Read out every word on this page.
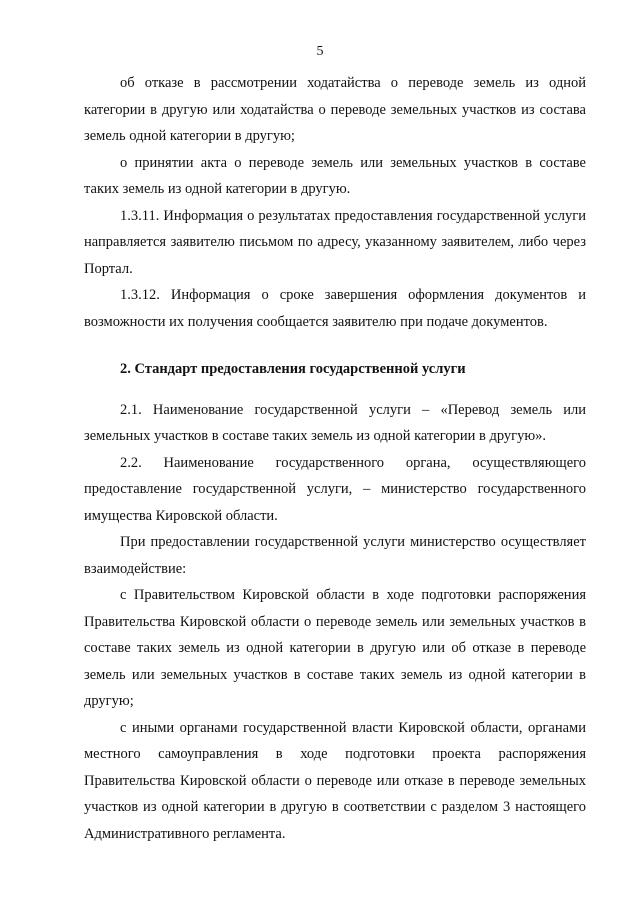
5

об отказе в рассмотрении ходатайства о переводе земель из одной категории в другую или ходатайства о переводе земельных участков из состава земель одной категории в другую;

о принятии акта о переводе земель или земельных участков в составе таких земель из одной категории в другую.

1.3.11. Информация о результатах предоставления государственной услуги направляется заявителю письмом по адресу, указанному заявителем, либо через Портал.

1.3.12. Информация о сроке завершения оформления документов и возможности их получения сообщается заявителю при подаче документов.

2. Стандарт предоставления государственной услуги

2.1. Наименование государственной услуги – «Перевод земель или земельных участков в составе таких земель из одной категории в другую».

2.2. Наименование государственного органа, осуществляющего предоставление государственной услуги, – министерство государственного имущества Кировской области.

При предоставлении государственной услуги министерство осуществляет взаимодействие:

с Правительством Кировской области в ходе подготовки распоряжения Правительства Кировской области о переводе земель или земельных участков в составе таких земель из одной категории в другую или об отказе в переводе земель или земельных участков в составе таких земель из одной категории в другую;

с иными органами государственной власти Кировской области, органами местного самоуправления в ходе подготовки проекта распоряжения Правительства Кировской области о переводе или отказе в переводе земельных участков из одной категории в другую в соответствии с разделом 3 настоящего Административного регламента.
